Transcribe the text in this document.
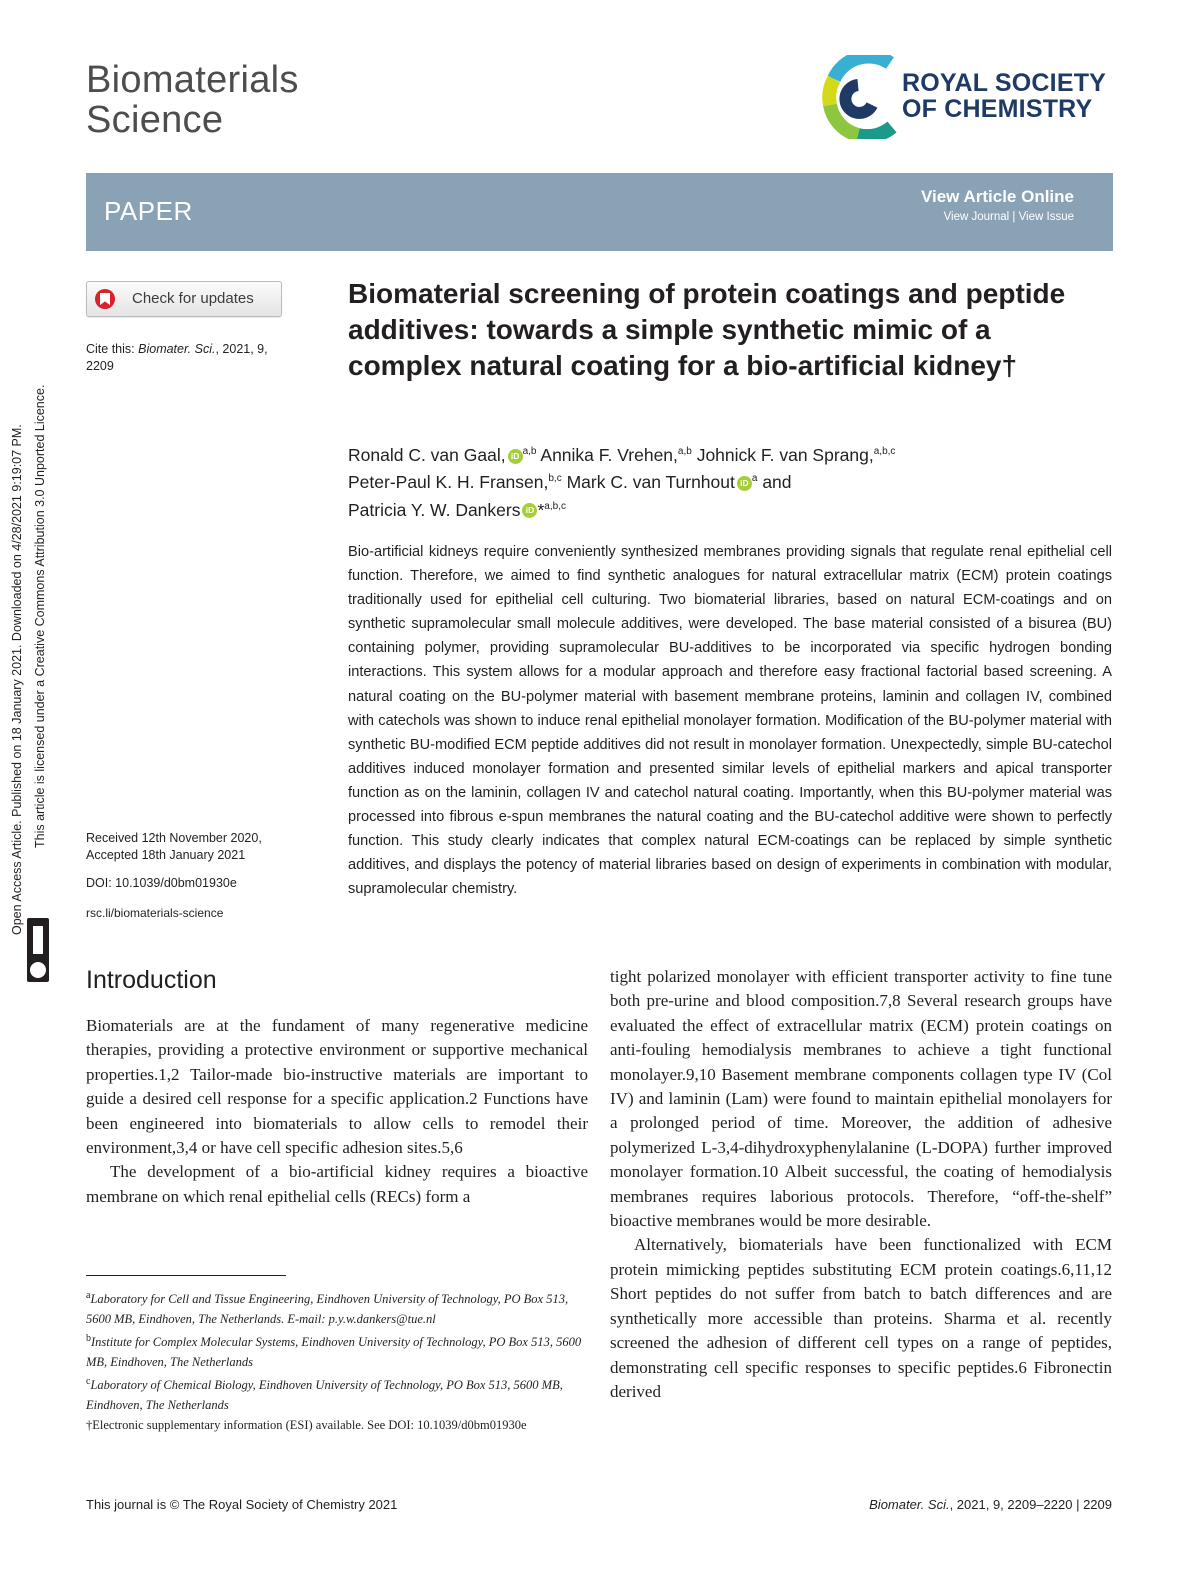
Biomaterials
Science
ROYAL SOCIETY
OF CHEMISTRY
PAPER	View Article Online
View Journal | View Issue
Open Access Article. Published on 18 January 2021. Downloaded on 4/28/2021 9:19:07 PM. This article is licensed under a Creative Commons Attribution 3.0 Unported Licence.
Check for updates
Cite this: Biomater. Sci., 2021, 9,
2209
Received 12th November 2020,
Accepted 18th January 2021
DOI: 10.1039/d0bm01930e
rsc.li/biomaterials-science
Biomaterial screening of protein coatings and peptide additives: towards a simple synthetic mimic of a complex natural coating for a bio-artificial kidney†
Ronald C. van Gaal, iD $^{a,b}$ Annika F. Vrehen,$^{a,b}$ Johnick F. van Sprang,$^{a,b,c}$
Peter-Paul K. H. Fransen,$^{b,c}$ Mark C. van Turnhout iD $^a$ and
Patricia Y. W. Dankers iD *$^{a,b,c}$
Bio-artificial kidneys require conveniently synthesized membranes providing signals that regulate renal epithelial cell function. Therefore, we aimed to find synthetic analogues for natural extracellular matrix (ECM) protein coatings traditionally used for epithelial cell culturing. Two biomaterial libraries, based on natural ECM-coatings and on synthetic supramolecular small molecule additives, were developed. The base material consisted of a bisurea (BU) containing polymer, providing supramolecular BU-additives to be incorporated via specific hydrogen bonding interactions. This system allows for a modular approach and therefore easy fractional factorial based screening. A natural coating on the BU-polymer material with basement membrane proteins, laminin and collagen IV, combined with catechols was shown to induce renal epithelial monolayer formation. Modification of the BU-polymer material with synthetic BU-modified ECM peptide additives did not result in monolayer formation. Unexpectedly, simple BU-catechol additives induced monolayer formation and presented similar levels of epithelial markers and apical transporter function as on the laminin, collagen IV and catechol natural coating. Importantly, when this BU-polymer material was processed into fibrous e-spun membranes the natural coating and the BU-catechol additive were shown to perfectly function. This study clearly indicates that complex natural ECM-coatings can be replaced by simple synthetic additives, and displays the potency of material libraries based on design of experiments in combination with modular, supramolecular chemistry.
Introduction
Biomaterials are at the fundament of many regenerative medicine therapies, providing a protective environment or supportive mechanical properties.1,2 Tailor-made bio-instructive materials are important to guide a desired cell response for a specific application.2 Functions have been engineered into biomaterials to allow cells to remodel their environment,3,4 or have cell specific adhesion sites.5,6
The development of a bio-artificial kidney requires a bioactive membrane on which renal epithelial cells (RECs) form a
tight polarized monolayer with efficient transporter activity to fine tune both pre-urine and blood composition.7,8 Several research groups have evaluated the effect of extracellular matrix (ECM) protein coatings on anti-fouling hemodialysis membranes to achieve a tight functional monolayer.9,10 Basement membrane components collagen type IV (Col IV) and laminin (Lam) were found to maintain epithelial monolayers for a prolonged period of time. Moreover, the addition of adhesive polymerized L-3,4-dihydroxyphenylalanine (L-DOPA) further improved monolayer formation.10 Albeit successful, the coating of hemodialysis membranes requires laborious protocols. Therefore, “off-the-shelf” bioactive membranes would be more desirable.
Alternatively, biomaterials have been functionalized with ECM protein mimicking peptides substituting ECM protein coatings.6,11,12 Short peptides do not suffer from batch to batch differences and are synthetically more accessible than proteins. Sharma et al. recently screened the adhesion of different cell types on a range of peptides, demonstrating cell specific responses to specific peptides.6 Fibronectin derived
$^a$Laboratory for Cell and Tissue Engineering, Eindhoven University of Technology, PO Box 513, 5600 MB, Eindhoven, The Netherlands. E-mail: p.y.w.dankers@tue.nl
$^b$Institute for Complex Molecular Systems, Eindhoven University of Technology, PO Box 513, 5600 MB, Eindhoven, The Netherlands
$^c$Laboratory of Chemical Biology, Eindhoven University of Technology, PO Box 513, 5600 MB, Eindhoven, The Netherlands
†Electronic supplementary information (ESI) available. See DOI: 10.1039/d0bm01930e
This journal is © The Royal Society of Chemistry 2021	Biomater. Sci., 2021, 9, 2209–2220 | 2209
